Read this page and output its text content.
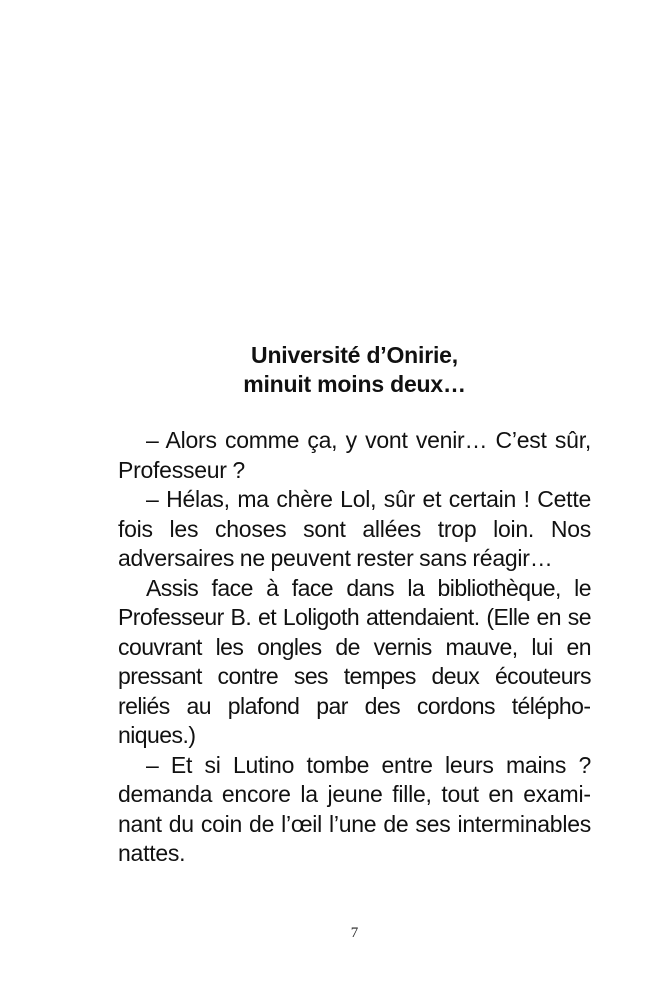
Université d’Onirie,
minuit moins deux…

– Alors comme ça, y vont venir… C’est sûr, Professeur ?

– Hélas, ma chère Lol, sûr et certain ! Cette fois les choses sont allées trop loin. Nos adversaires ne peuvent rester sans réagir…

Assis face à face dans la bibliothèque, le Professeur B. et Loligoth attendaient. (Elle en se couvrant les ongles de vernis mauve, lui en pressant contre ses tempes deux écouteurs reliés au plafond par des cordons téléphoniques.)

– Et si Lutino tombe entre leurs mains ? demanda encore la jeune fille, tout en examinant du coin de l’œil l’une de ses interminables nattes.

7
